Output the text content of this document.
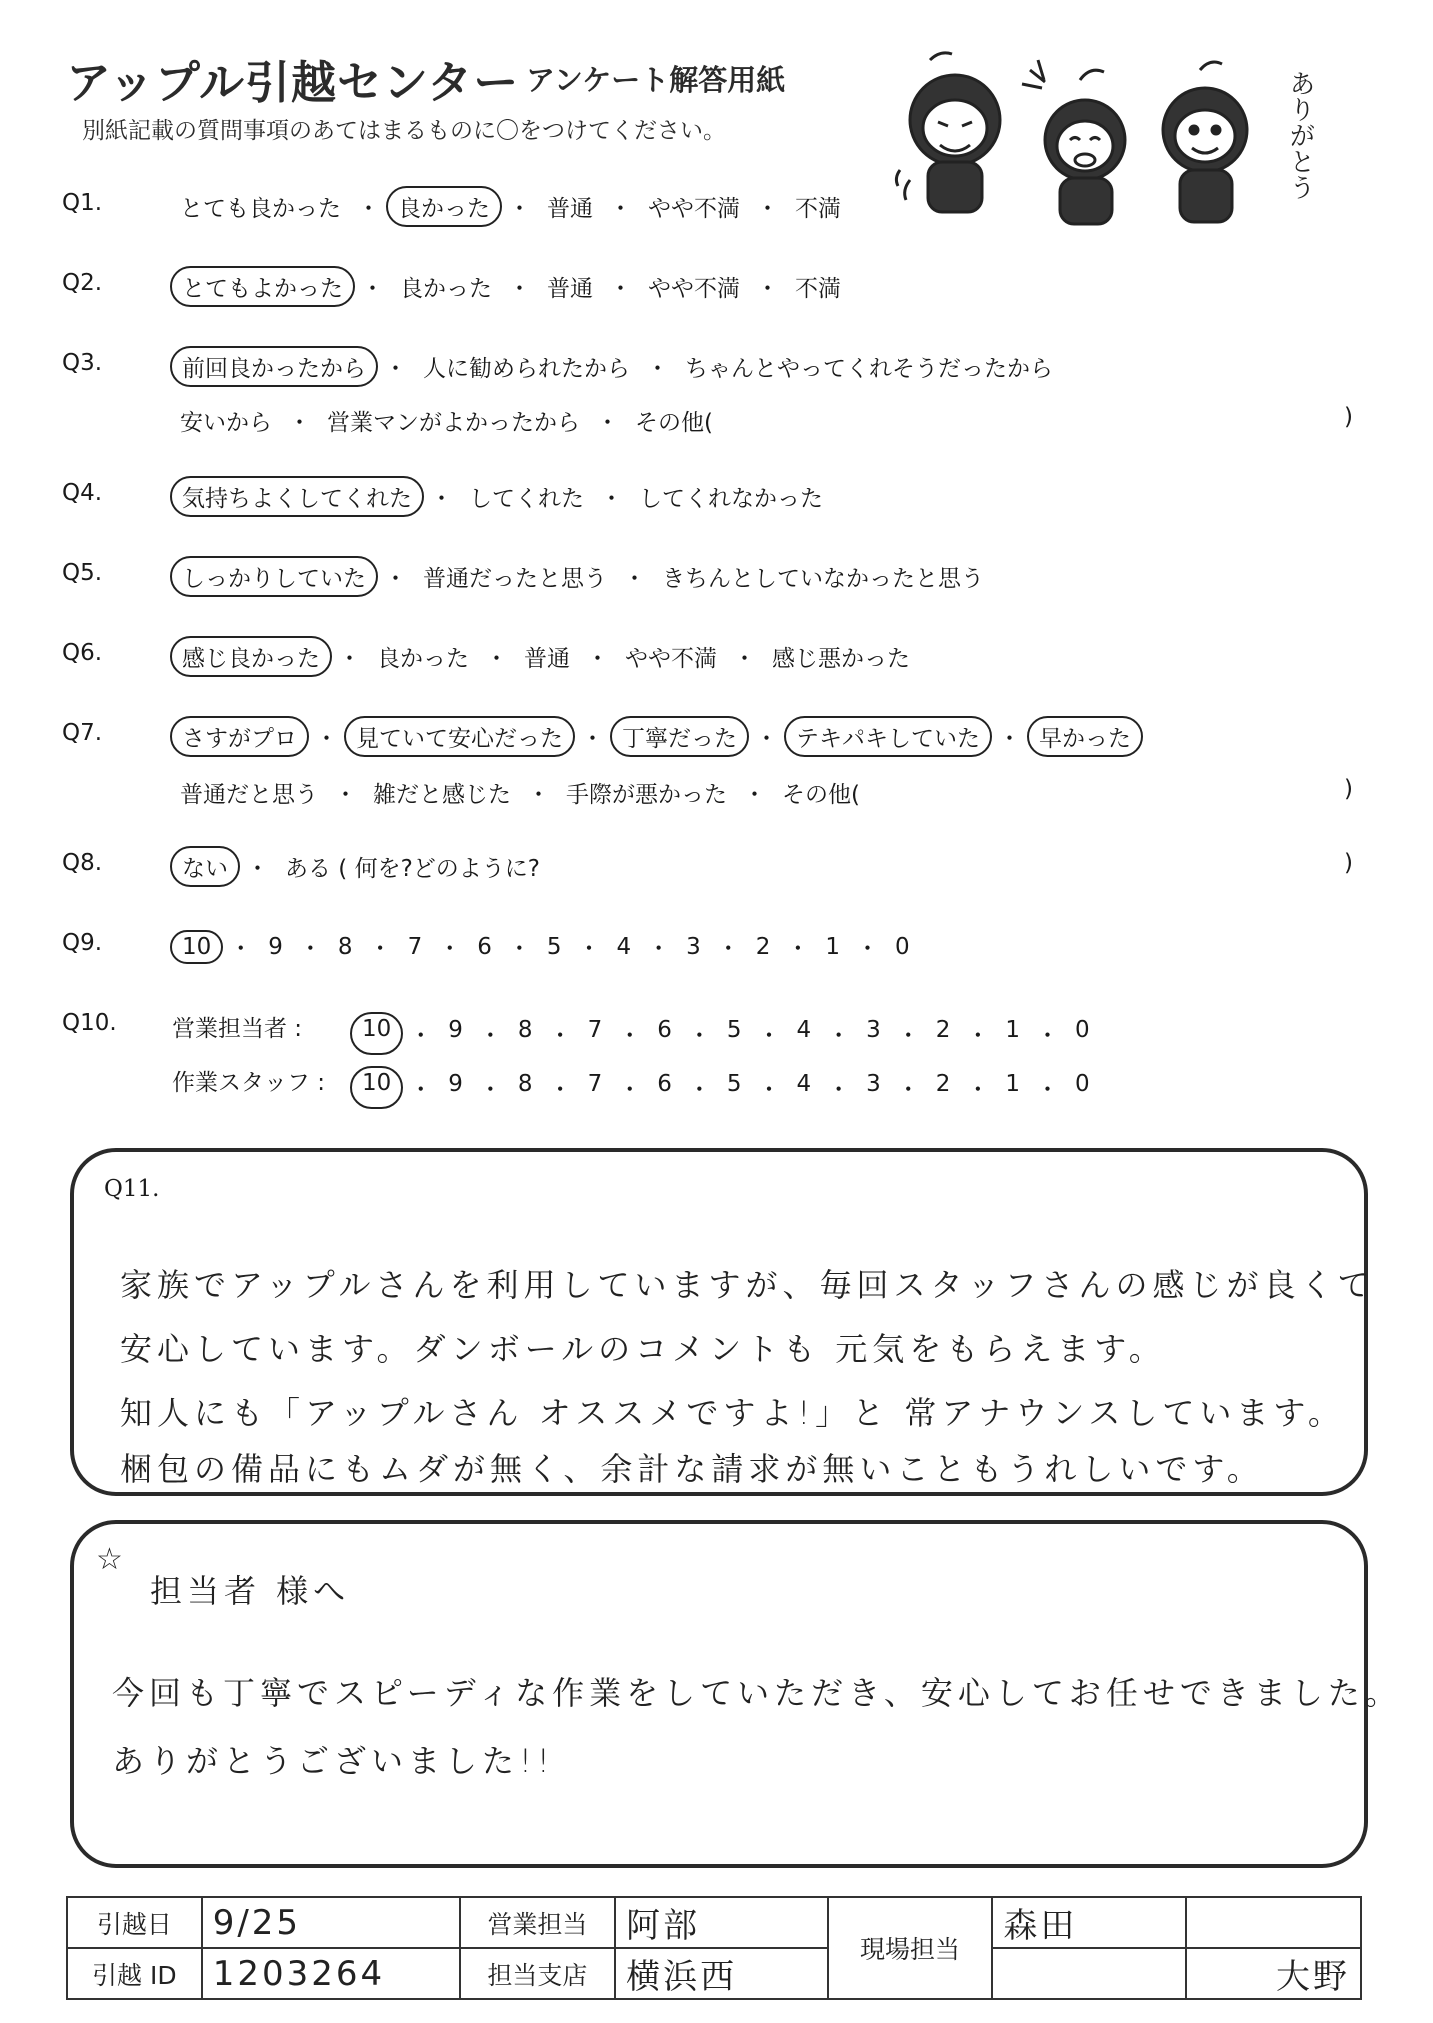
アップル引越センター アンケート解答用紙
別紙記載の質問事項のあてはまるものに〇をつけてください。	ありがとう
Q1.	とても良かった ・ 良かった ・ 普通 ・ やや不満 ・ 不満
Q2.	とてもよかった ・ 良かった ・ 普通 ・ やや不満 ・ 不満
Q3.	前回良かったから ・ 人に勧められたから ・ ちゃんとやってくれそうだったから
安いから ・ 営業マンがよかったから ・ その他(	)
Q4.	気持ちよくしてくれた ・ してくれた ・ してくれなかった
Q5.	しっかりしていた ・ 普通だったと思う ・ きちんとしていなかったと思う
Q6.	感じ良かった ・ 良かった ・ 普通 ・ やや不満 ・ 感じ悪かった
Q7.	さすがプロ ・ 見ていて安心だった ・ 丁寧だった ・ テキパキしていた ・ 早かった
普通だと思う ・ 雑だと感じた ・ 手際が悪かった ・ その他(	)
Q8.	ない ・ ある ( 何を?どのように?	)
Q9.	10 ・ 9 ・ 8 ・ 7 ・ 6 ・ 5 ・ 4 ・ 3 ・ 2 ・ 1 ・ 0
Q10. 営業担当者 :	10 ・ 9 ・ 8 ・ 7 ・ 6 ・ 5 ・ 4 ・ 3 ・ 2 ・ 1 ・ 0
作業スタッフ :	10 ・ 9 ・ 8 ・ 7 ・ 6 ・ 5 ・ 4 ・ 3 ・ 2 ・ 1 ・ 0
Q11.
家族でアップルさんを利用していますが、毎回スタッフさんの感じが良くて
安心しています。ダンボールのコメントも 元気をもらえます。
知人にも「アップルさん オススメですよ!」と 常アナウンスしています。
梱包の備品にもムダが無く、余計な請求が無いこともうれしいです。
☆
担当者 様へ
今回も丁寧でスピーディな作業をしていただき、安心してお任せできました。
ありがとうございました!!
引越日	9/25	営業担当	阿部	現場担当	森田	
引越 ID	1203264	担当支店	横浜西			大野
